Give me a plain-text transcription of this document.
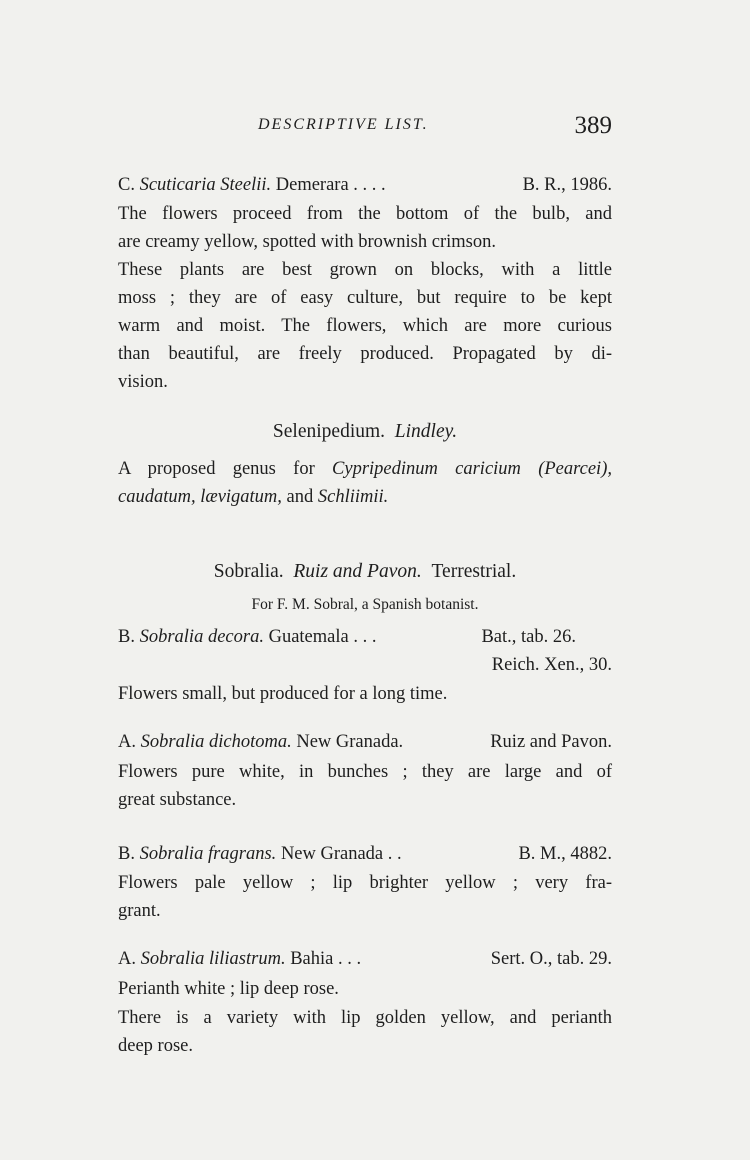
DESCRIPTIVE LIST.	389
C. Scuticaria Steelii. Demerara . . . .	B. R., 1986.
The flowers proceed from the bottom of the bulb, and
are creamy yellow, spotted with brownish crimson.
These plants are best grown on blocks, with a little
moss ; they are of easy culture, but require to be kept
warm and moist. The flowers, which are more curious
than beautiful, are freely produced. Propagated by di-
vision.
Selenipedium. Lindley.
A proposed genus for Cypripedinum caricium (Pearcei),
caudatum, lævigatum, and Schliimii.
Sobralia. Ruiz and Pavon. Terrestrial.
For F. M. Sobral, a Spanish botanist.
B. Sobralia decora. Guatemala . . .	Bat., tab. 26.
Reich. Xen., 30.
Flowers small, but produced for a long time.
A. Sobralia dichotoma. New Granada.	Ruiz and Pavon.
Flowers pure white, in bunches ; they are large and of
great substance.
B. Sobralia fragrans. New Granada . .	B. M., 4882.
Flowers pale yellow ; lip brighter yellow ; very fra-
grant.
A. Sobralia liliastrum. Bahia . . .	Sert. O., tab. 29.
Perianth white ; lip deep rose.
There is a variety with lip golden yellow, and perianth
deep rose.
